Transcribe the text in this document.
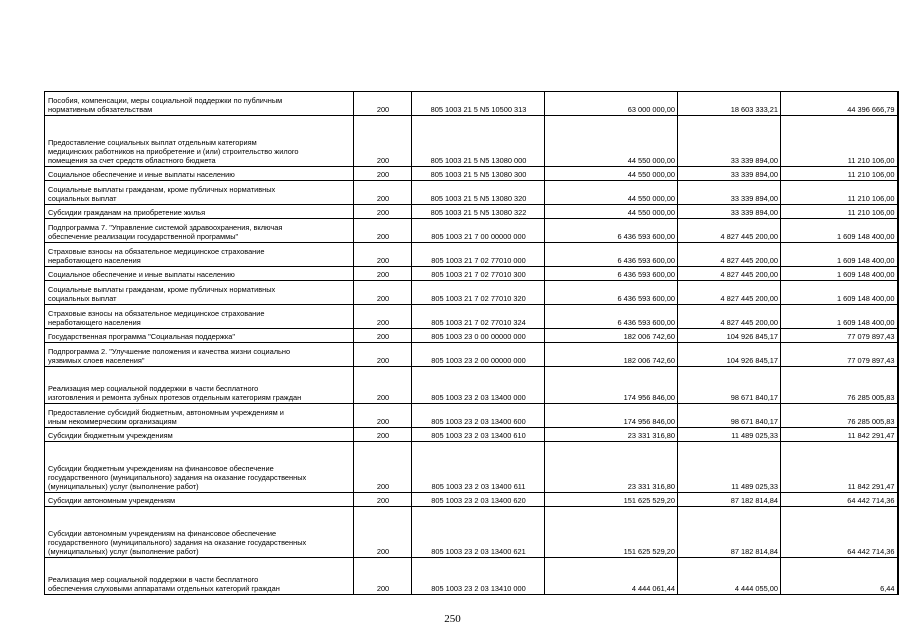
Пособия, компенсации, меры социальной поддержки по публичным
нормативным обязательствам	200	805 1003 21 5 N5 10500 313	63 000 000,00	18 603 333,21	44 396 666,79
Предоставление социальных выплат отдельным категориям
медицинских работников на приобретение и (или) строительство жилого
помещения за счет средств областного бюджета	200	805 1003 21 5 N5 13080 000	44 550 000,00	33 339 894,00	11 210 106,00
Социальное обеспечение и иные выплаты населению	200	805 1003 21 5 N5 13080 300	44 550 000,00	33 339 894,00	11 210 106,00
Социальные выплаты гражданам, кроме публичных нормативных
социальных выплат	200	805 1003 21 5 N5 13080 320	44 550 000,00	33 339 894,00	11 210 106,00
Субсидии гражданам на приобретение жилья	200	805 1003 21 5 N5 13080 322	44 550 000,00	33 339 894,00	11 210 106,00
Подпрограмма 7. "Управление системой здравоохранения, включая
обеспечение реализации государственной программы"	200	805 1003 21 7 00 00000 000	6 436 593 600,00	4 827 445 200,00	1 609 148 400,00
Страховые взносы на обязательное медицинское страхование
неработающего населения	200	805 1003 21 7 02 77010 000	6 436 593 600,00	4 827 445 200,00	1 609 148 400,00
Социальное обеспечение и иные выплаты населению	200	805 1003 21 7 02 77010 300	6 436 593 600,00	4 827 445 200,00	1 609 148 400,00
Социальные выплаты гражданам, кроме публичных нормативных
социальных выплат	200	805 1003 21 7 02 77010 320	6 436 593 600,00	4 827 445 200,00	1 609 148 400,00
Страховые взносы на обязательное медицинское страхование
неработающего населения	200	805 1003 21 7 02 77010 324	6 436 593 600,00	4 827 445 200,00	1 609 148 400,00
Государственная программа "Социальная поддержка"	200	805 1003 23 0 00 00000 000	182 006 742,60	104 926 845,17	77 079 897,43
Подпрограмма 2. "Улучшение положения и качества жизни социально
уязвимых слоев населения"	200	805 1003 23 2 00 00000 000	182 006 742,60	104 926 845,17	77 079 897,43
Реализация мер социальной поддержки в части бесплатного
изготовления и ремонта зубных протезов отдельным категориям граждан	200	805 1003 23 2 03 13400 000	174 956 846,00	98 671 840,17	76 285 005,83
Предоставление субсидий бюджетным, автономным учреждениям и
иным некоммерческим организациям	200	805 1003 23 2 03 13400 600	174 956 846,00	98 671 840,17	76 285 005,83
Субсидии бюджетным учреждениям	200	805 1003 23 2 03 13400 610	23 331 316,80	11 489 025,33	11 842 291,47
Субсидии бюджетным учреждениям на финансовое обеспечение
государственного (муниципального) задания на оказание государственных
(муниципальных) услуг (выполнение работ)	200	805 1003 23 2 03 13400 611	23 331 316,80	11 489 025,33	11 842 291,47
Субсидии автономным учреждениям	200	805 1003 23 2 03 13400 620	151 625 529,20	87 182 814,84	64 442 714,36
Субсидии автономным учреждениям на финансовое обеспечение
государственного (муниципального) задания на оказание государственных
(муниципальных) услуг (выполнение работ)	200	805 1003 23 2 03 13400 621	151 625 529,20	87 182 814,84	64 442 714,36
Реализация мер социальной поддержки в части бесплатного
обеспечения слуховыми аппаратами отдельных категорий граждан	200	805 1003 23 2 03 13410 000	4 444 061,44	4 444 055,00	6,44
250
